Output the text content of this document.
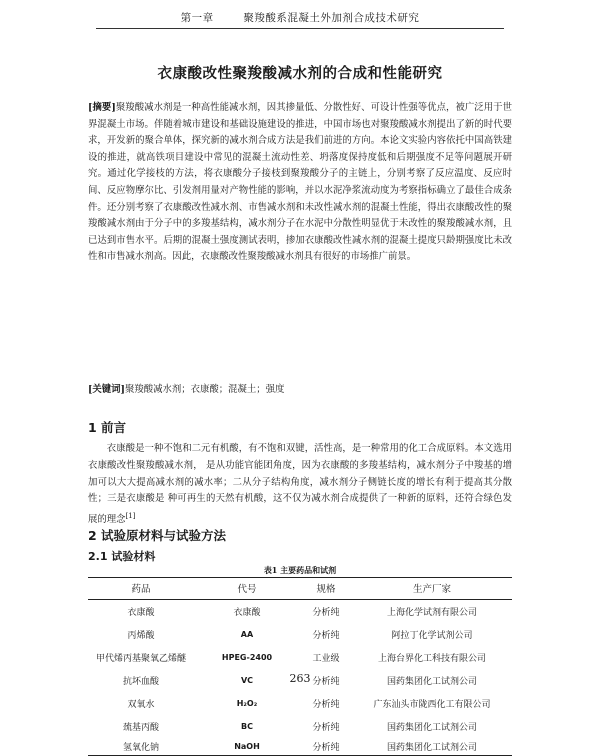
第一章	聚羧酸系混凝土外加剂合成技术研究
衣康酸改性聚羧酸减水剂的合成和性能研究
[摘要]聚羧酸减水剂是一种高性能减水剂，因其掺量低、分散性好、可设计性强等优点，被广泛用于世界混凝土市场。伴随着城市建设和基础设施建设的推进，中国市场也对聚羧酸减水剂提出了新的时代要求，开发新的聚合单体，探究新的减水剂合成方法是我们前进的方向。本论文实验内容依托中国高铁建设的推进，就高铁项目建设中常见的混凝土流动性差、坍落度保持度低和后期强度不足等问题展开研究。通过化学接枝的方法，将衣康酸分子接枝到聚羧酸分子的主链上，分别考察了反应温度、反应时间、反应物摩尔比、引发剂用量对产物性能的影响，并以水泥净浆流动度为考察指标确立了最佳合成条件。还分别考察了衣康酸改性减水剂、市售减水剂和未改性减水剂的混凝土性能，得出衣康酸改性的聚羧酸减水剂由于分子中的多羧基结构，减水剂分子在水泥中分散性明显优于未改性的聚羧酸减水剂，且已达到市售水平。后期的混凝土强度测试表明，掺加衣康酸改性减水剂的混凝土提度只龄期强度比未改性和市售减水剂高。因此，衣康酸改性聚羧酸减水剂具有很好的市场推广前景。
[关键词]聚羧酸减水剂；衣康酸；混凝土；强度
1 前言
衣康酸是一种不饱和二元有机酸，有不饱和双键，活性高，是一种常用的化工合成原料。本文选用衣康酸改性聚羧酸减水剂， 是从功能官能团角度，因为衣康酸的多羧基结构，减水剂分子中羧基的增加可以大大提高减水剂的减水率；二从分子结构角度，减水剂分子侧链长度的增长有利于提高其分散性；三是衣康酸是 种可再生的天然有机酸，这不仅为减水剂合成提供了一种新的原料，还符合绿色发展的理念[1]
2 试验原材料与试验方法
2.1 试验材料
表1 主要药品和试剂
药品	代号	规格	生产厂家
衣康酸	衣康酸	分析纯	上海化学试剂有限公司
丙烯酸	AA	分析纯	阿拉丁化学试剂公司
甲代烯丙基聚氧乙烯醚	HPEG-2400	工业级	上海台界化工科技有限公司
抗坏血酸	VC	分析纯	国药集团化工试剂公司
双氧水	H₂O₂	分析纯	广东汕头市陇西化工有限公司
巯基丙酸	BC	分析纯	国药集团化工试剂公司
氢氧化钠	NaOH	分析纯	国药集团化工试剂公司
263
